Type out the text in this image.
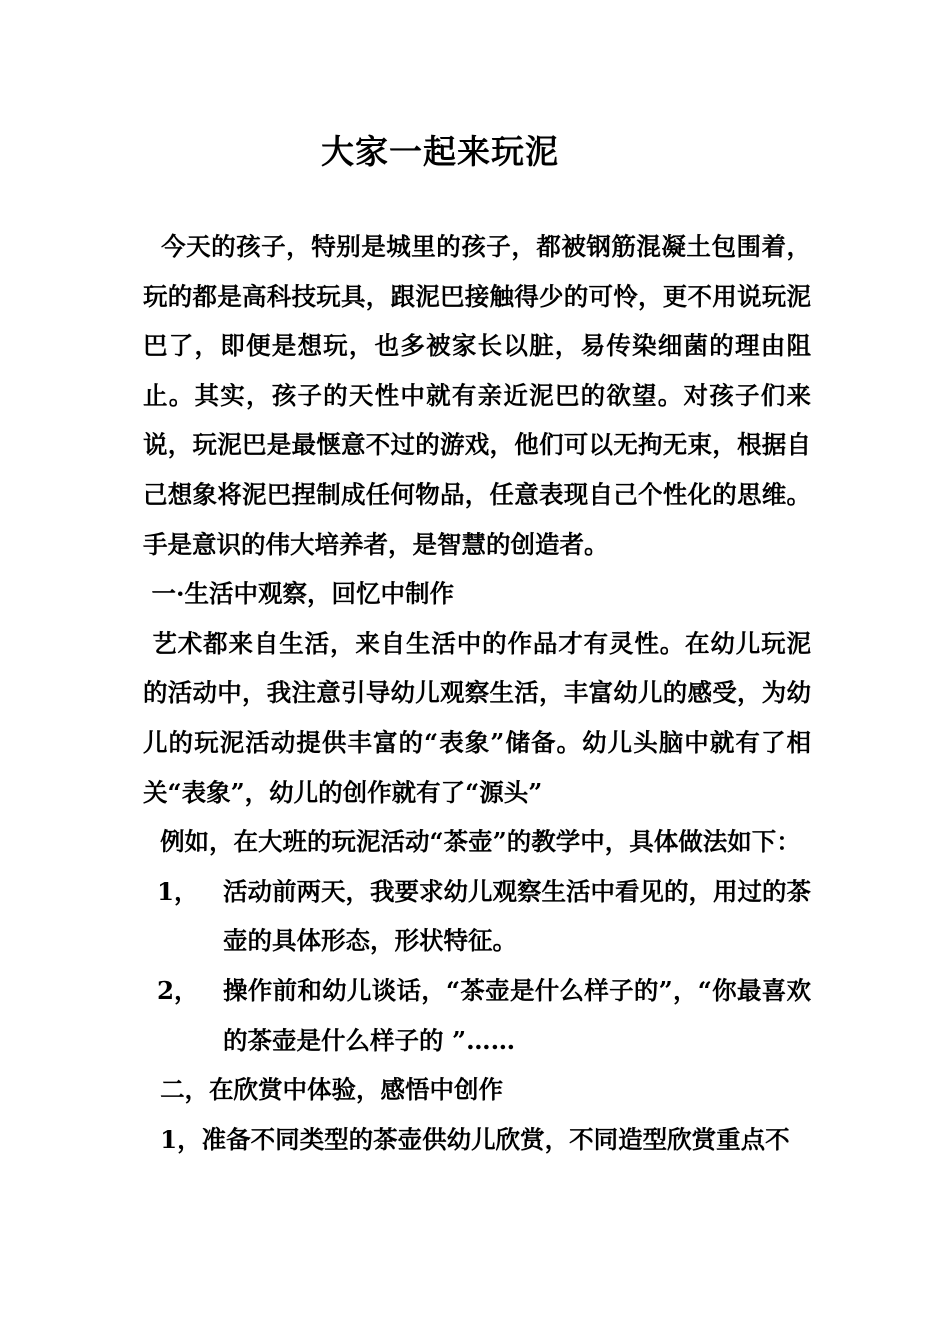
大家一起来玩泥

今天的孩子，特别是城里的孩子，都被钢筋混凝土包围着，玩的都是高科技玩具，跟泥巴接触得少的可怜，更不用说玩泥巴了，即便是想玩，也多被家长以脏，易传染细菌的理由阻止。其实，孩子的天性中就有亲近泥巴的欲望。对孩子们来说，玩泥巴是最惬意不过的游戏，他们可以无拘无束，根据自己想象将泥巴捏制成任何物品，任意表现自己个性化的思维。手是意识的伟大培养者，是智慧的创造者。

一·生活中观察，回忆中制作

艺术都来自生活，来自生活中的作品才有灵性。在幼儿玩泥的活动中，我注意引导幼儿观察生活，丰富幼儿的感受，为幼儿的玩泥活动提供丰富的“表象”储备。幼儿头脑中就有了相关“表象”，幼儿的创作就有了“源头”

例如，在大班的玩泥活动“茶壶”的教学中，具体做法如下：

1， 活动前两天，我要求幼儿观察生活中看见的，用过的茶壶的具体形态，形状特征。
2， 操作前和幼儿谈话，“茶壶是什么样子的”，“你最喜欢的茶壶是什么样子的 ”……

二，在欣赏中体验，感悟中创作

1，准备不同类型的茶壶供幼儿欣赏，不同造型欣赏重点不
